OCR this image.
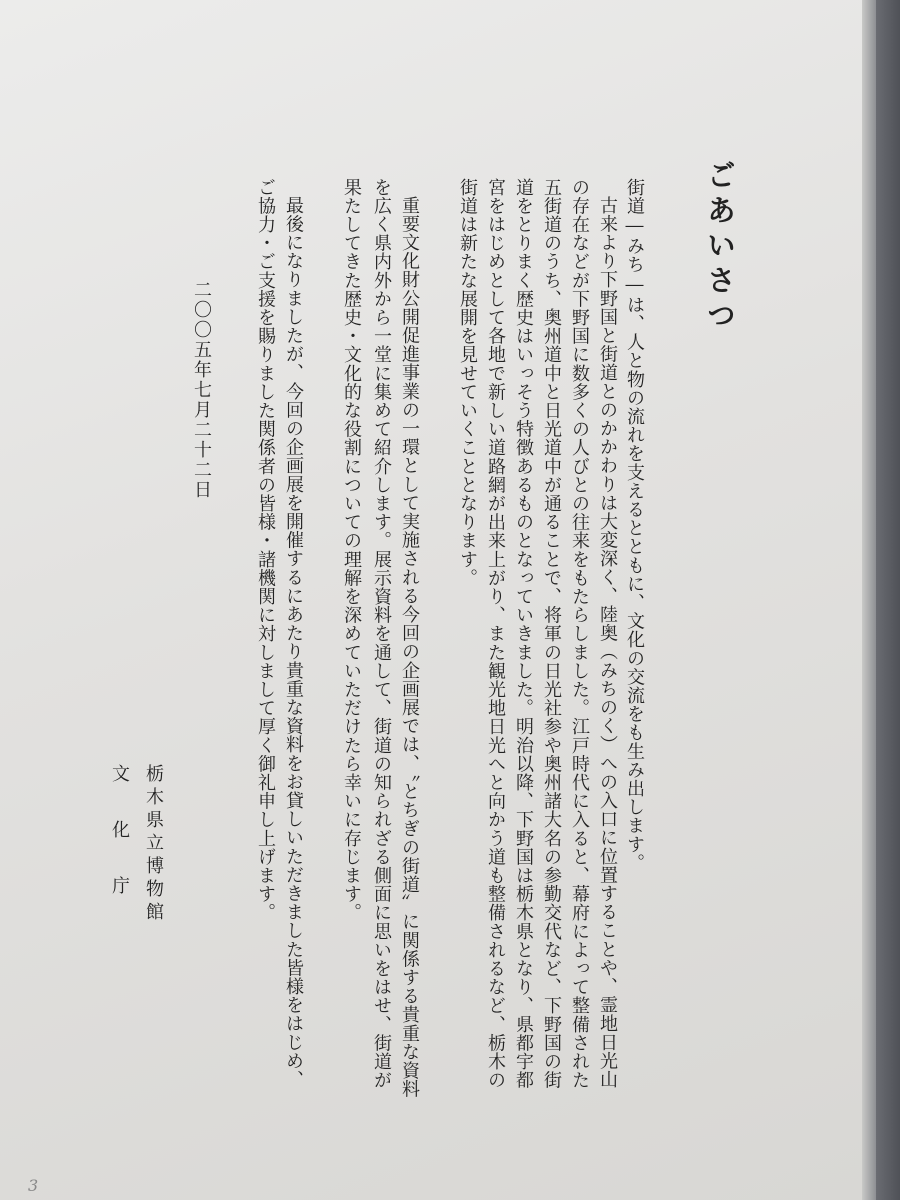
ごあいさつ
街道―みち―は、人と物の流れを支えるとともに、文化の交流をも生み出します。
古来より下野国と街道とのかかわりは大変深く、陸奥（みちのく）への入口に位置することや、霊地日光山
の存在などが下野国に数多くの人びとの往来をもたらしました。江戸時代に入ると、幕府によって整備された
五街道のうち、奥州道中と日光道中が通ることで、将軍の日光社参や奥州諸大名の参勤交代など、下野国の街
道をとりまく歴史はいっそう特徴あるものとなっていきました。明治以降、下野国は栃木県となり、県都宇都
宮をはじめとして各地で新しい道路網が出来上がり、また観光地日光へと向かう道も整備されるなど、栃木の
街道は新たな展開を見せていくこととなります。
重要文化財公開促進事業の一環として実施される今回の企画展では、〝とちぎの街道〟に関係する貴重な資料
を広く県内外から一堂に集めて紹介します。展示資料を通して、街道の知られざる側面に思いをはせ、街道が
果たしてきた歴史・文化的な役割についての理解を深めていただけたら幸いに存じます。
最後になりましたが、今回の企画展を開催するにあたり貴重な資料をお貸しいただきました皆様をはじめ、
ご協力・ご支援を賜りました関係者の皆様・諸機関に対しまして厚く御礼申し上げます。
二〇〇五年七月二十二日
栃木県立博物館
文化庁
3
